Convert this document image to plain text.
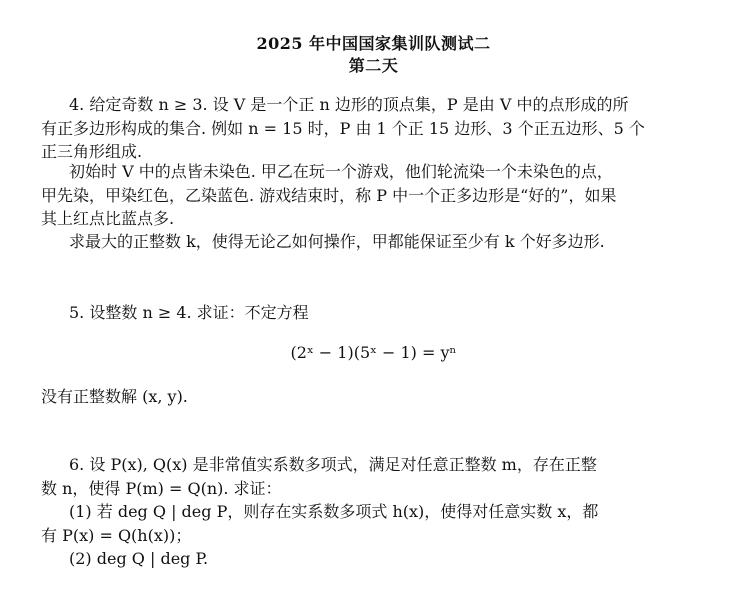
2025 年中国国家集训队测试二
第二天
4. 给定奇数 n ≥ 3. 设 V 是一个正 n 边形的顶点集，P 是由 V 中的点形成的所
有正多边形构成的集合. 例如 n = 15 时，P 由 1 个正 15 边形、3 个正五边形、5 个
正三角形组成.
初始时 V 中的点皆未染色. 甲乙在玩一个游戏，他们轮流染一个未染色的点，
甲先染，甲染红色，乙染蓝色. 游戏结束时，称 P 中一个正多边形是“好的”，如果
其上红点比蓝点多.
求最大的正整数 k，使得无论乙如何操作，甲都能保证至少有 k 个好多边形.
5. 设整数 n ≥ 4. 求证：不定方程
(2ˣ − 1)(5ˣ − 1) = yⁿ
没有正整数解 (x, y).
6. 设 P(x), Q(x) 是非常值实系数多项式，满足对任意正整数 m，存在正整
数 n，使得 P(m) = Q(n). 求证：
(1) 若 deg Q | deg P，则存在实系数多项式 h(x)，使得对任意实数 x，都
有 P(x) = Q(h(x))；
(2) deg Q | deg P.
